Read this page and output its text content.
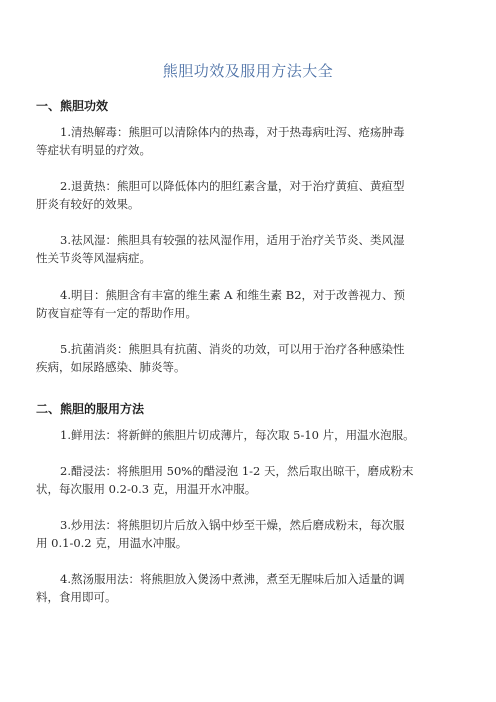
熊胆功效及服用方法大全
一、熊胆功效
1.清热解毒：熊胆可以清除体内的热毒，对于热毒病吐泻、疮疡肿毒
等症状有明显的疗效。
2.退黄热：熊胆可以降低体内的胆红素含量，对于治疗黄疸、黄疸型
肝炎有较好的效果。
3.祛风湿：熊胆具有较强的祛风湿作用，适用于治疗关节炎、类风湿
性关节炎等风湿病症。
4.明目：熊胆含有丰富的维生素 A 和维生素 B2，对于改善视力、预
防夜盲症等有一定的帮助作用。
5.抗菌消炎：熊胆具有抗菌、消炎的功效，可以用于治疗各种感染性
疾病，如尿路感染、肺炎等。
二、熊胆的服用方法
1.鲜用法：将新鲜的熊胆片切成薄片，每次取 5-10 片，用温水泡服。
2.醋浸法：将熊胆用 50%的醋浸泡 1-2 天，然后取出晾干，磨成粉末
状，每次服用 0.2-0.3 克，用温开水冲服。
3.炒用法：将熊胆切片后放入锅中炒至干燥，然后磨成粉末，每次服
用 0.1-0.2 克，用温水冲服。
4.熬汤服用法：将熊胆放入煲汤中煮沸，煮至无腥味后加入适量的调
料，食用即可。
